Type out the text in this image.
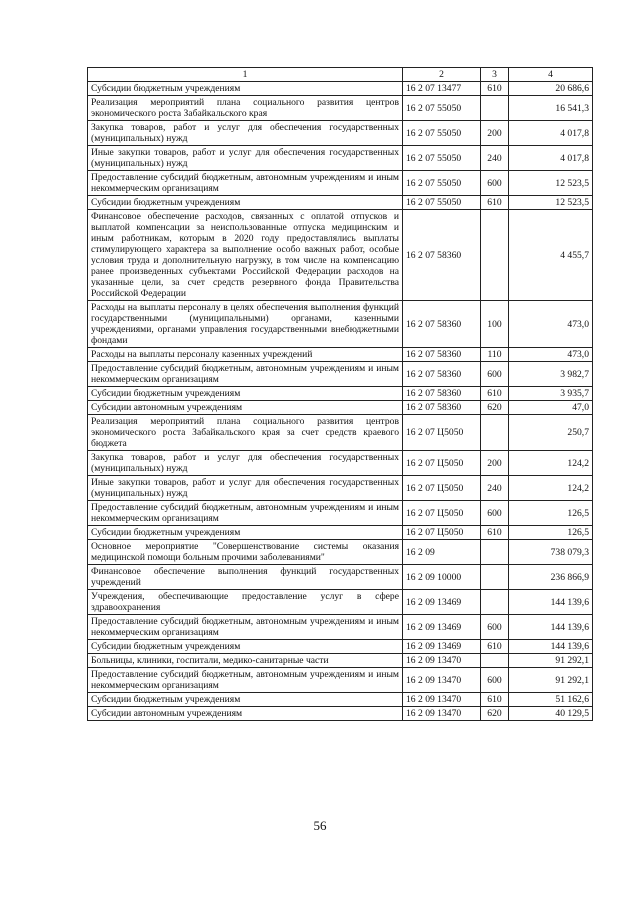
1	2	3	4
Субсидии бюджетным учреждениям	16 2 07 13477	610	20 686,6
Реализация мероприятий плана социального развития центров экономического роста Забайкальского края	16 2 07 55050		16 541,3
Закупка товаров, работ и услуг для обеспечения государственных (муниципальных) нужд	16 2 07 55050	200	4 017,8
Иные закупки товаров, работ и услуг для обеспечения государственных (муниципальных) нужд	16 2 07 55050	240	4 017,8
Предоставление субсидий бюджетным, автономным учреждениям и иным некоммерческим организациям	16 2 07 55050	600	12 523,5
Субсидии бюджетным учреждениям	16 2 07 55050	610	12 523,5
Финансовое обеспечение расходов, связанных с оплатой отпусков и выплатой компенсации за неиспользованные отпуска медицинским и иным работникам, которым в 2020 году предоставлялись выплаты стимулирующего характера за выполнение особо важных работ, особые условия труда и дополнительную нагрузку, в том числе на компенсацию ранее произведенных субъектами Российской Федерации расходов на указанные цели, за счет средств резервного фонда Правительства Российской Федерации	16 2 07 58360		4 455,7
Расходы на выплаты персоналу в целях обеспечения выполнения функций государственными (муниципальными) органами, казенными учреждениями, органами управления государственными внебюджетными фондами	16 2 07 58360	100	473,0
Расходы на выплаты персоналу казенных учреждений	16 2 07 58360	110	473,0
Предоставление субсидий бюджетным, автономным учреждениям и иным некоммерческим организациям	16 2 07 58360	600	3 982,7
Субсидии бюджетным учреждениям	16 2 07 58360	610	3 935,7
Субсидии автономным учреждениям	16 2 07 58360	620	47,0
Реализация мероприятий плана социального развития центров экономического роста Забайкальского края за счет средств краевого бюджета	16 2 07 Ц5050		250,7
Закупка товаров, работ и услуг для обеспечения государственных (муниципальных) нужд	16 2 07 Ц5050	200	124,2
Иные закупки товаров, работ и услуг для обеспечения государственных (муниципальных) нужд	16 2 07 Ц5050	240	124,2
Предоставление субсидий бюджетным, автономным учреждениям и иным некоммерческим организациям	16 2 07 Ц5050	600	126,5
Субсидии бюджетным учреждениям	16 2 07 Ц5050	610	126,5
Основное мероприятие "Совершенствование системы оказания медицинской помощи больным прочими заболеваниями"	16 2 09		738 079,3
Финансовое обеспечение выполнения функций государственных учреждений	16 2 09 10000		236 866,9
Учреждения, обеспечивающие предоставление услуг в сфере здравоохранения	16 2 09 13469		144 139,6
Предоставление субсидий бюджетным, автономным учреждениям и иным некоммерческим организациям	16 2 09 13469	600	144 139,6
Субсидии бюджетным учреждениям	16 2 09 13469	610	144 139,6
Больницы, клиники, госпитали, медико-санитарные части	16 2 09 13470		91 292,1
Предоставление субсидий бюджетным, автономным учреждениям и иным некоммерческим организациям	16 2 09 13470	600	91 292,1
Субсидии бюджетным учреждениям	16 2 09 13470	610	51 162,6
Субсидии автономным учреждениям	16 2 09 13470	620	40 129,5
56
